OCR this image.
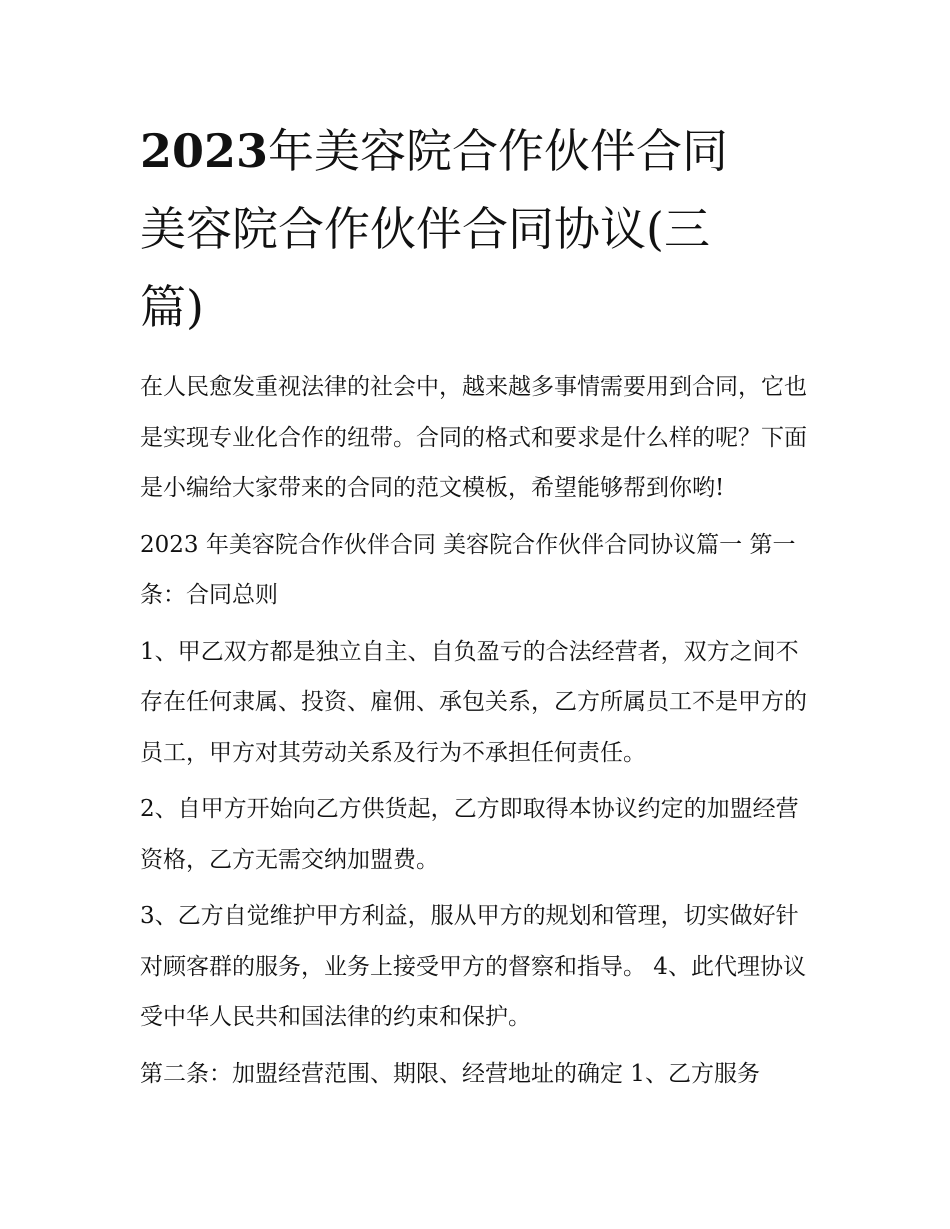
2023年美容院合作伙伴合同
美容院合作伙伴合同协议(三
篇)

在人民愈发重视法律的社会中，越来越多事情需要用到合同，它也是实现专业化合作的纽带。合同的格式和要求是什么样的呢？下面是小编给大家带来的合同的范文模板，希望能够帮到你哟!

2023 年美容院合作伙伴合同 美容院合作伙伴合同协议篇一 第一条：合同总则

1、甲乙双方都是独立自主、自负盈亏的合法经营者，双方之间不存在任何隶属、投资、雇佣、承包关系，乙方所属员工不是甲方的员工，甲方对其劳动关系及行为不承担任何责任。

2、自甲方开始向乙方供货起，乙方即取得本协议约定的加盟经营资格，乙方无需交纳加盟费。

3、乙方自觉维护甲方利益，服从甲方的规划和管理，切实做好针对顾客群的服务，业务上接受甲方的督察和指导。 4、此代理协议受中华人民共和国法律的约束和保护。

第二条：加盟经营范围、期限、经营地址的确定 1、乙方服务
